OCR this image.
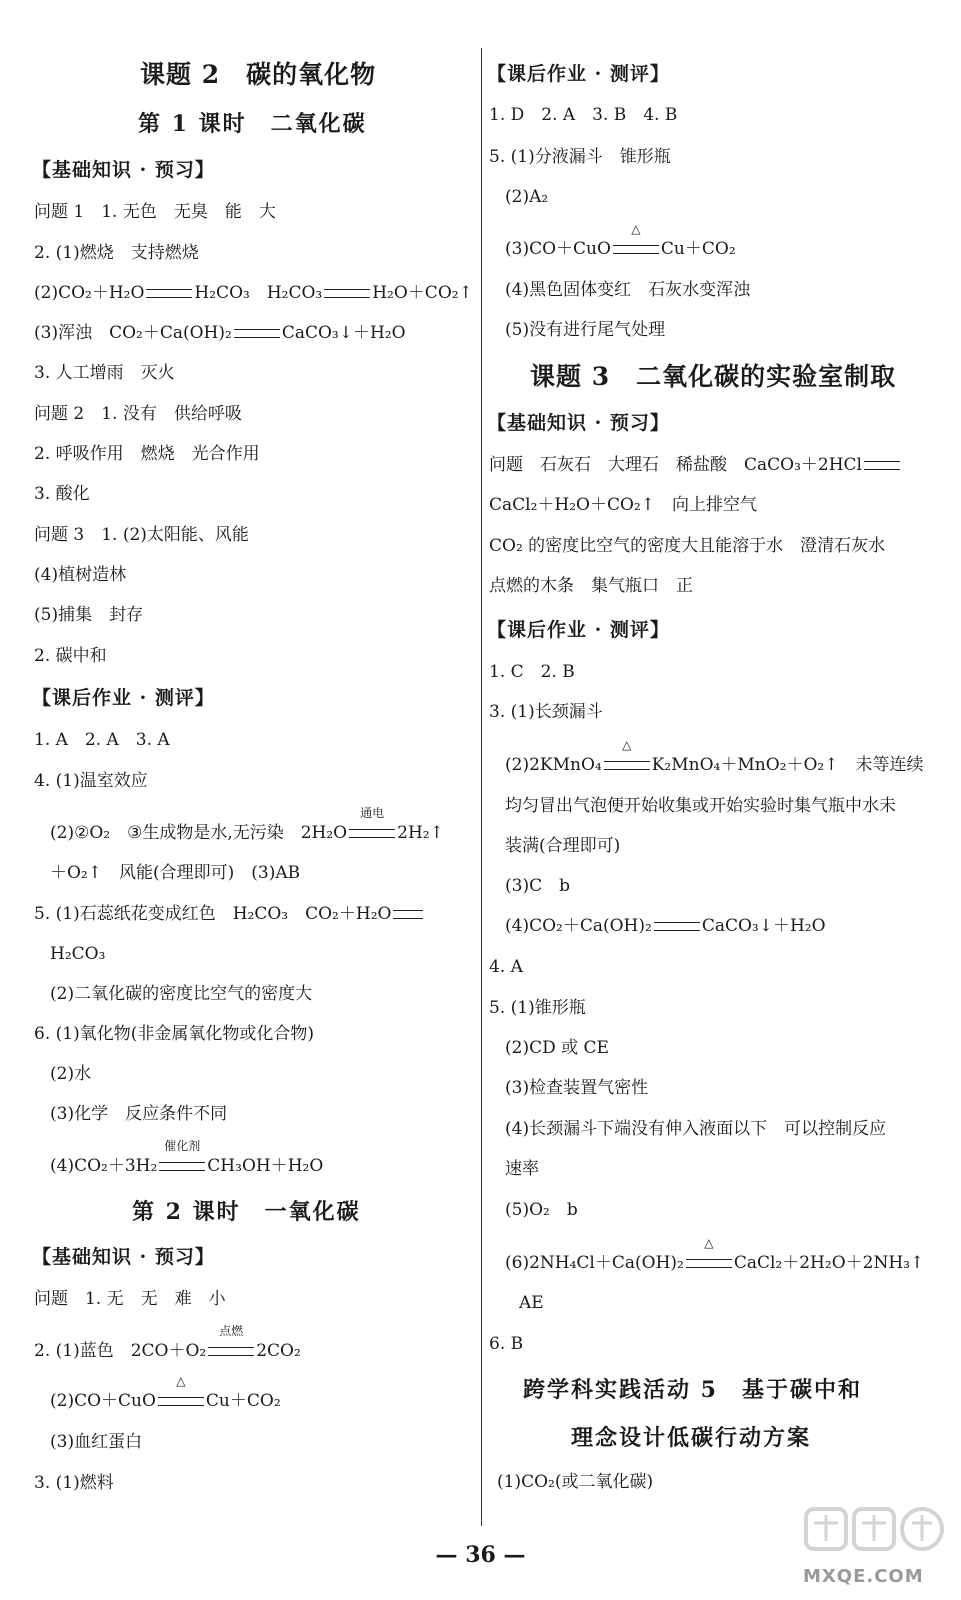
课题 2　碳的氧化物
第 1 课时　二氧化碳
【基础知识 · 预习】
问题 1　1. 无色　无臭　能　大
2. (1)燃烧　支持燃烧
(2)CO₂＋H₂O	H₂CO₃　H₂CO₃	H₂O＋CO₂↑
(3)浑浊　CO₂＋Ca(OH)₂	CaCO₃↓＋H₂O
3. 人工增雨　灭火
问题 2　1. 没有　供给呼吸
2. 呼吸作用　燃烧　光合作用
3. 酸化
问题 3　1. (2)太阳能、风能
(4)植树造林
(5)捕集　封存
2. 碳中和
【课后作业 · 测评】
1. A　2. A　3. A
4. (1)温室效应
(2)②O₂　③生成物是水,无污染　2H₂O
通电
2H₂↑
＋O₂↑　风能(合理即可)　(3)AB
5. (1)石蕊纸花变成红色　H₂CO₃　CO₂＋H₂O
H₂CO₃
(2)二氧化碳的密度比空气的密度大
6. (1)氧化物(非金属氧化物或化合物)
(2)水
(3)化学　反应条件不同
(4)CO₂＋3H₂
催化剂
CH₃OH＋H₂O
第 2 课时　一氧化碳
【基础知识 · 预习】
问题　1. 无　无　难　小
2. (1)蓝色　2CO＋O₂
点燃
2CO₂
(2)CO＋CuO
△
Cu＋CO₂
(3)血红蛋白
3. (1)燃料
【课后作业 · 测评】
1. D　2. A　3. B　4. B
5. (1)分液漏斗　锥形瓶
(2)A₂
(3)CO＋CuO
△
Cu＋CO₂
(4)黑色固体变红　石灰水变浑浊
(5)没有进行尾气处理
课题 3　二氧化碳的实验室制取
【基础知识 · 预习】
问题　石灰石　大理石　稀盐酸　CaCO₃＋2HCl
CaCl₂＋H₂O＋CO₂↑　向上排空气
CO₂ 的密度比空气的密度大且能溶于水　澄清石灰水
点燃的木条　集气瓶口　正
【课后作业 · 测评】
1. C　2. B
3. (1)长颈漏斗
(2)2KMnO₄
△
K₂MnO₄＋MnO₂＋O₂↑　未等连续
均匀冒出气泡便开始收集或开始实验时集气瓶中水未
装满(合理即可)
(3)C　b
(4)CO₂＋Ca(OH)₂	CaCO₃↓＋H₂O
4. A
5. (1)锥形瓶
(2)CD 或 CE
(3)检查装置气密性
(4)长颈漏斗下端没有伸入液面以下　可以控制反应
速率
(5)O₂　b
(6)2NH₄Cl＋Ca(OH)₂
△
CaCl₂＋2H₂O＋2NH₃↑
AE
6. B
跨学科实践活动 5　基于碳中和
理念设计低碳行动方案
(1)CO₂(或二氧化碳)
— 36 —
MXQE.COM
